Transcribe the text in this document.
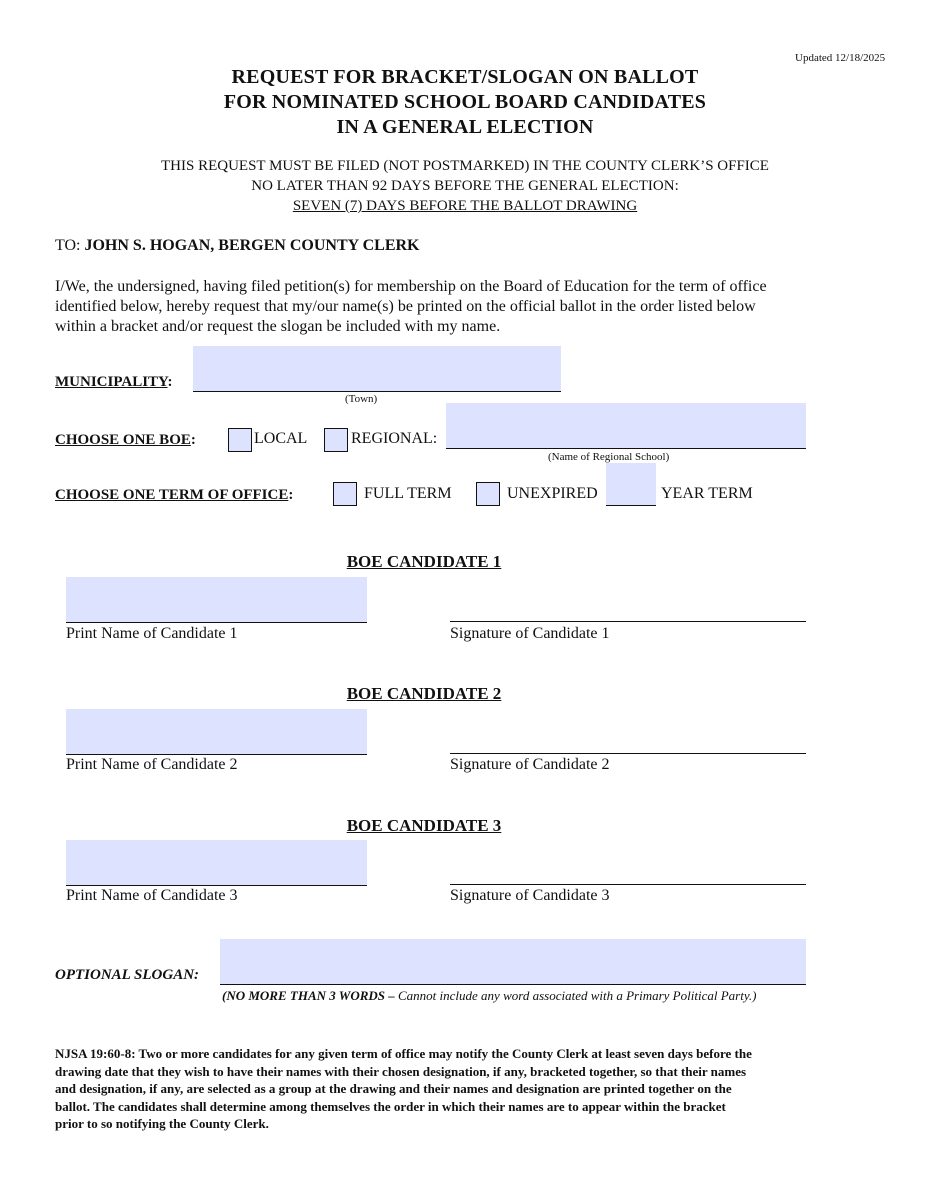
Updated 12/18/2025
REQUEST FOR BRACKET/SLOGAN ON BALLOT
FOR NOMINATED SCHOOL BOARD CANDIDATES
IN A GENERAL ELECTION
THIS REQUEST MUST BE FILED (NOT POSTMARKED) IN THE COUNTY CLERK’S OFFICE
NO LATER THAN 92 DAYS BEFORE THE GENERAL ELECTION:
SEVEN (7) DAYS BEFORE THE BALLOT DRAWING
TO: JOHN S. HOGAN, BERGEN COUNTY CLERK
I/We, the undersigned, having filed petition(s) for membership on the Board of Education for the term of office
identified below, hereby request that my/our name(s) be printed on the official ballot in the order listed below
within a bracket and/or request the slogan be included with my name.
MUNICIPALITY:
(Town)
CHOOSE ONE BOE:	LOCAL	REGIONAL:
(Name of Regional School)
CHOOSE ONE TERM OF OFFICE:	FULL TERM	UNEXPIRED	YEAR TERM
BOE CANDIDATE 1
Print Name of Candidate 1	Signature of Candidate 1
BOE CANDIDATE 2
Print Name of Candidate 2	Signature of Candidate 2
BOE CANDIDATE 3
Print Name of Candidate 3	Signature of Candidate 3
OPTIONAL SLOGAN:
(NO MORE THAN 3 WORDS – Cannot include any word associated with a Primary Political Party.)
NJSA 19:60-8: Two or more candidates for any given term of office may notify the County Clerk at least seven days before the
drawing date that they wish to have their names with their chosen designation, if any, bracketed together, so that their names
and designation, if any, are selected as a group at the drawing and their names and designation are printed together on the
ballot. The candidates shall determine among themselves the order in which their names are to appear within the bracket
prior to so notifying the County Clerk.
